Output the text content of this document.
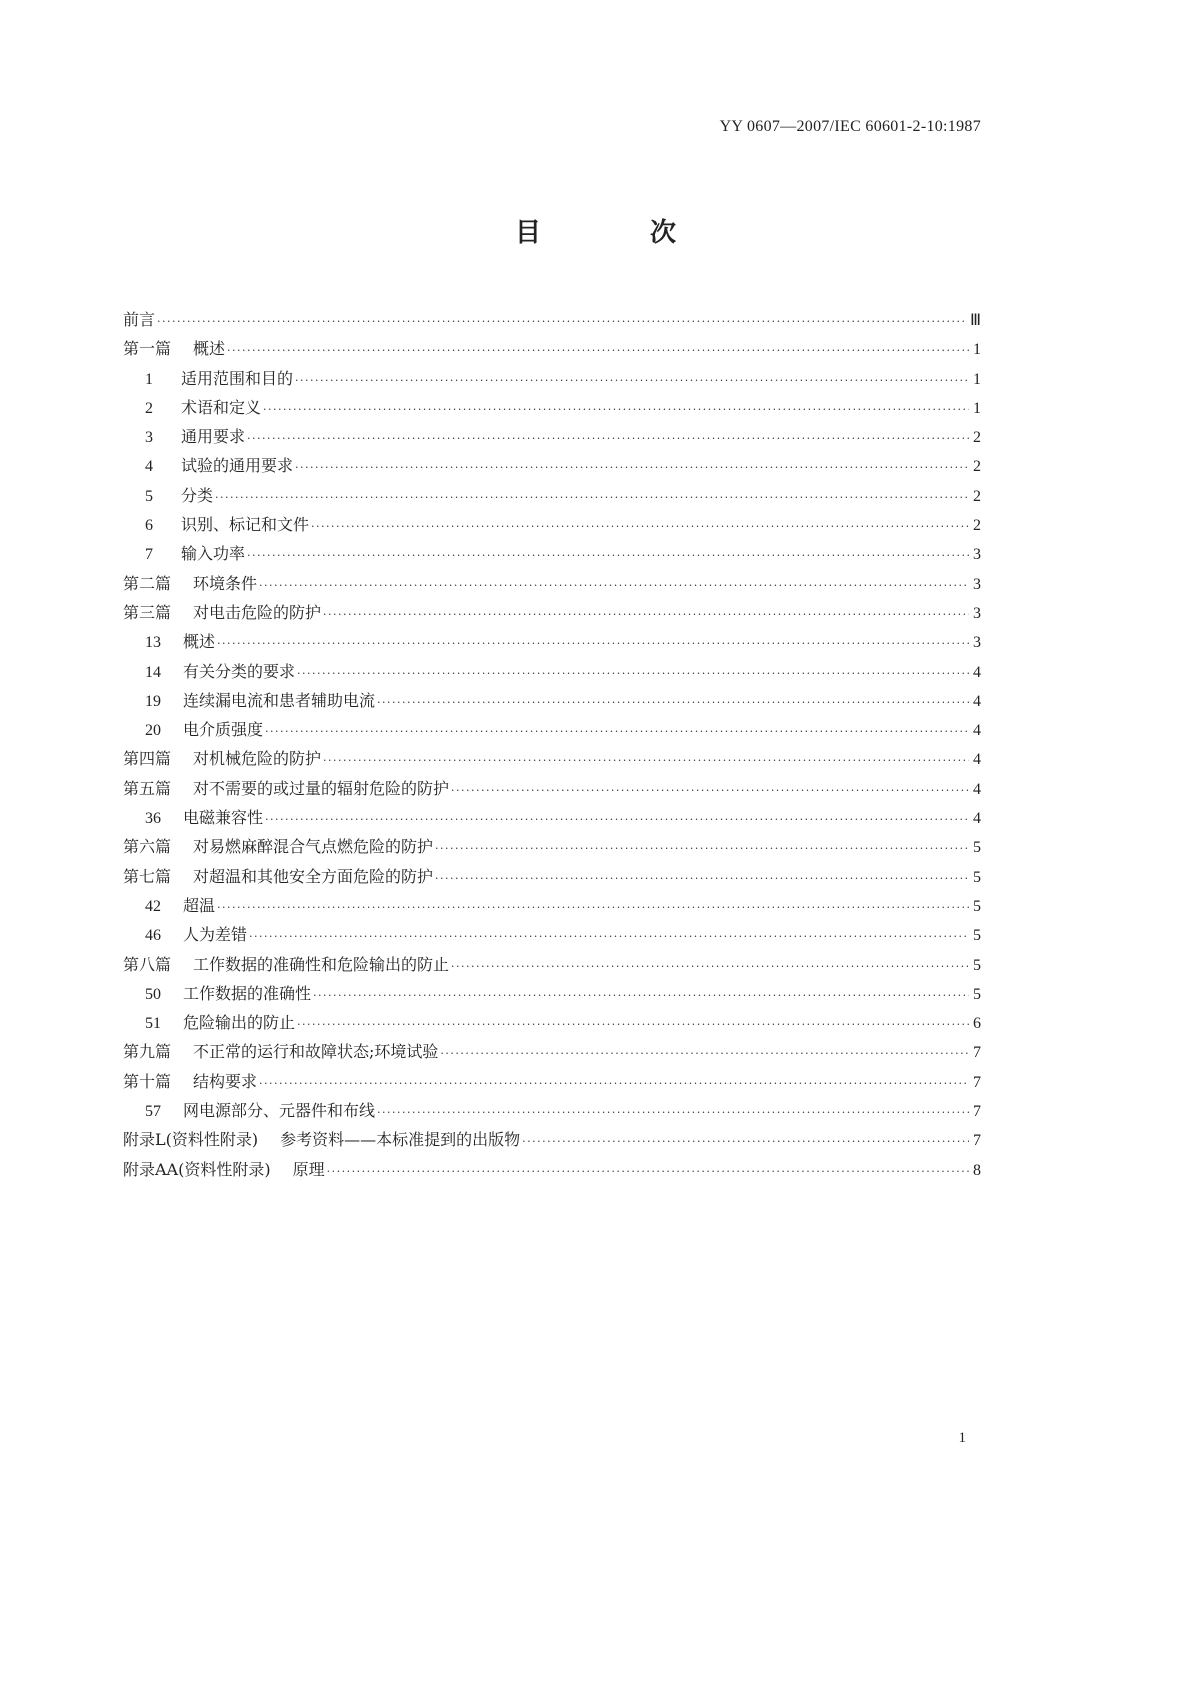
YY 0607—2007/IEC 60601-2-10:1987
目 次
前言 ·····	Ⅲ
第一篇 概述 ·····	1
1 适用范围和目的 ·····	1
2 术语和定义 ·····	1
3 通用要求 ·····	2
4 试验的通用要求 ·····	2
5 分类 ·····	2
6 识别、标记和文件 ·····	2
7 输入功率 ·····	3
第二篇 环境条件 ·····	3
第三篇 对电击危险的防护 ·····	3
13 概述 ·····	3
14 有关分类的要求 ·····	4
19 连续漏电流和患者辅助电流 ·····	4
20 电介质强度 ·····	4
第四篇 对机械危险的防护 ·····	4
第五篇 对不需要的或过量的辐射危险的防护 ·····	4
36 电磁兼容性 ·····	4
第六篇 对易燃麻醉混合气点燃危险的防护 ·····	5
第七篇 对超温和其他安全方面危险的防护 ·····	5
42 超温 ·····	5
46 人为差错 ·····	5
第八篇 工作数据的准确性和危险输出的防止 ·····	5
50 工作数据的准确性 ·····	5
51 危险输出的防止 ·····	6
第九篇 不正常的运行和故障状态;环境试验 ·····	7
第十篇 结构要求 ·····	7
57 网电源部分、元器件和布线 ·····	7
附录L(资料性附录) 参考资料——本标准提到的出版物 ·····	7
附录AA(资料性附录) 原理 ·····	8
1
